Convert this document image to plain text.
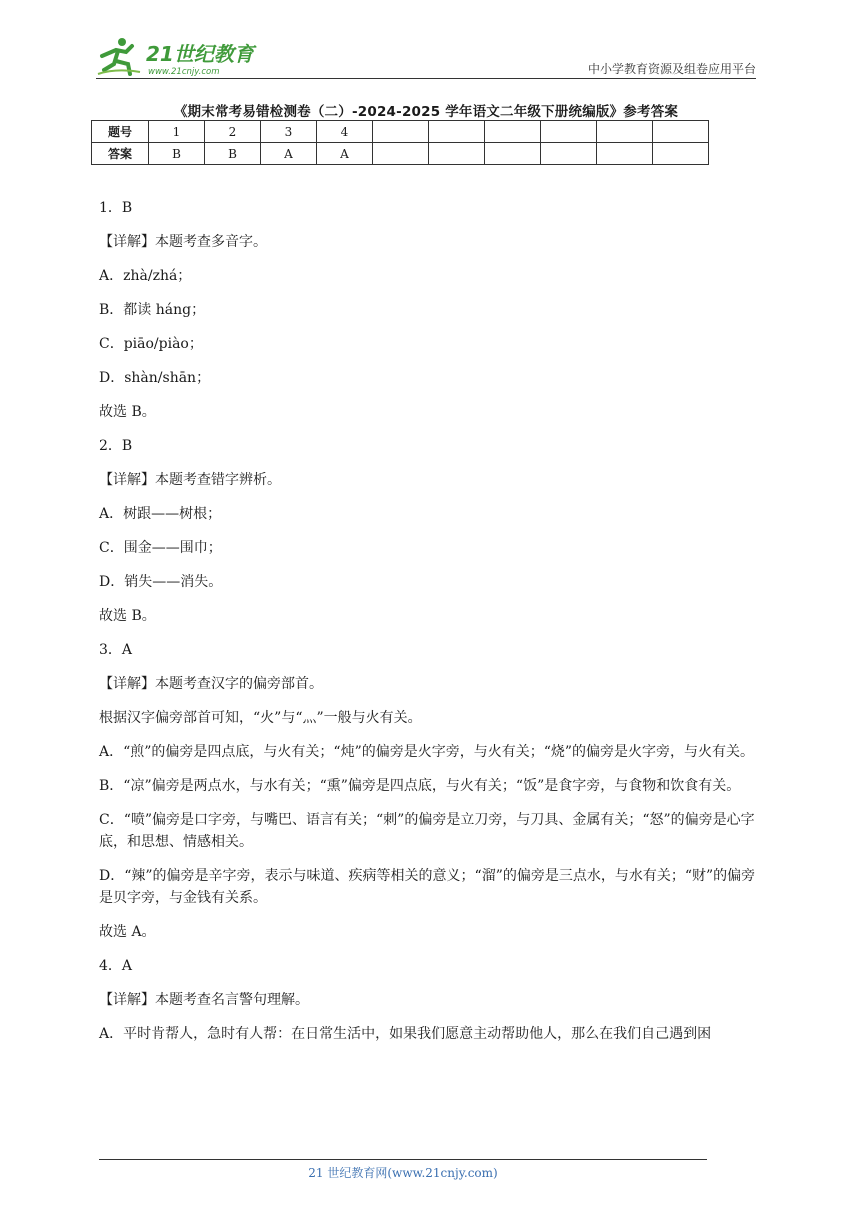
21世纪教育
www.21cnjy.com	中小学教育资源及组卷应用平台
《期末常考易错检测卷（二）-2024-2025 学年语文二年级下册统编版》参考答案
题号	1	2	3	4						
答案	B	B	A	A						

1．B

【详解】本题考查多音字。

A．zhà/zhá；

B．都读 háng；

C．piāo/piào；

D．shàn/shān；

故选 B。

2．B

【详解】本题考查错字辨析。

A．树跟——树根；

C．围金——围巾；

D．销失——消失。

故选 B。

3．A

【详解】本题考查汉字的偏旁部首。

根据汉字偏旁部首可知，“火”与“灬”一般与火有关。

A．“煎”的偏旁是四点底，与火有关；“炖”的偏旁是火字旁，与火有关；“烧”的偏旁是火字旁，与火有关。

B．“凉”偏旁是两点水，与水有关；“熏”偏旁是四点底，与火有关；“饭”是食字旁，与食物和饮食有关。

C．“喷”偏旁是口字旁，与嘴巴、语言有关；“刺”的偏旁是立刀旁，与刀具、金属有关；“怒”的偏旁是心字底，和思想、情感相关。

D．“辣”的偏旁是辛字旁，表示与味道、疾病等相关的意义；“溜”的偏旁是三点水，与水有关；“财”的偏旁是贝字旁，与金钱有关系。

故选 A。

4．A

【详解】本题考查名言警句理解。

A．平时肯帮人，急时有人帮：在日常生活中，如果我们愿意主动帮助他人，那么在我们自己遇到困

21 世纪教育网(www.21cnjy.com)
